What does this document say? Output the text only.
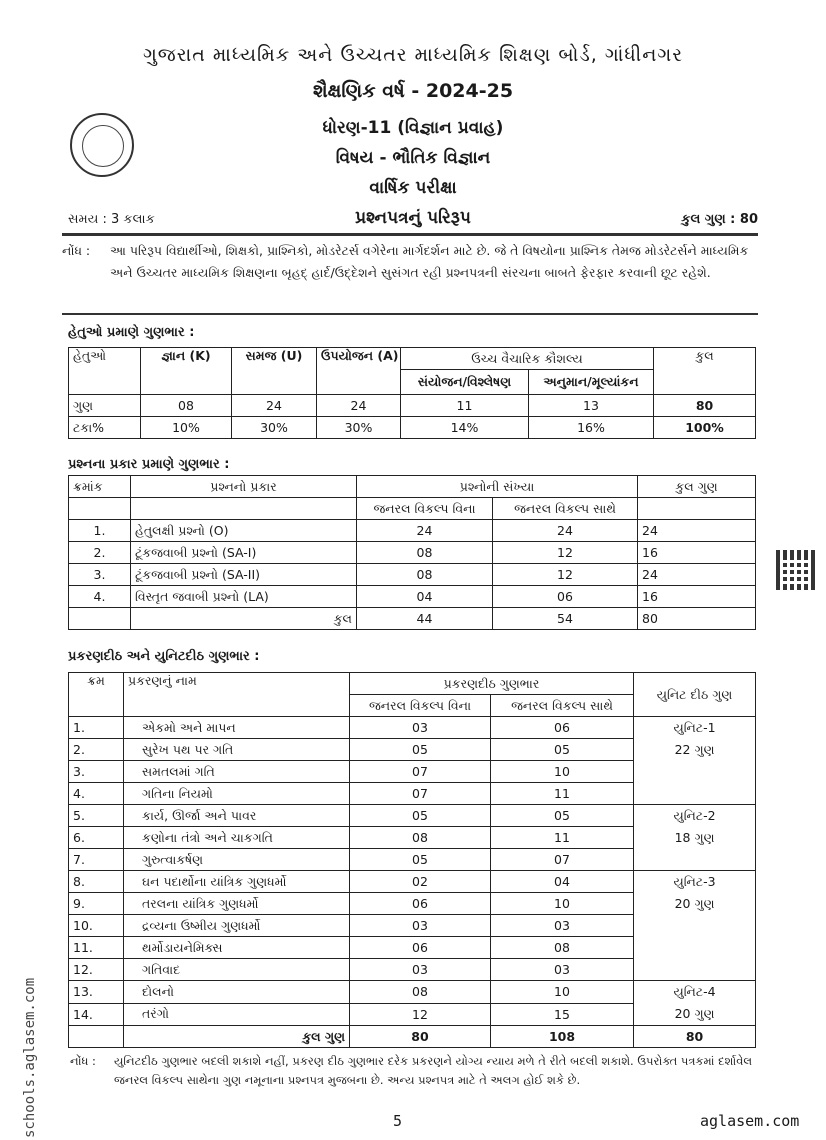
ગુજરાત માધ્યમિક અને ઉચ્ચતર માધ્યમિક શિક્ષણ બોર્ડ, ગાંધીનગર
શૈક્ષણિક વર્ષ - 2024-25
ધોરણ-11 (વિજ્ઞાન પ્રવાહ)
વિષય - ભૌતિક વિજ્ઞાન
વાર્ષિક પરીક્ષા
સમય : 3 કલાક	પ્રશ્નપત્રનું પરિરૂપ	કુલ ગુણ : 80
નોંધ : આ પરિરૂપ વિદ્યાર્થીઓ, શિક્ષકો, પ્રાશ્નિકો, મોડરેટર્સ વગેરેના માર્ગદર્શન માટે છે. જે તે વિષયોના પ્રાશ્નિક તેમજ મોડરેટર્સને માધ્યમિક અને ઉચ્ચતર માધ્યમિક શિક્ષણના બૃહદ્ હાર્દ/ઉદ્દેશને સુસંગત રહી પ્રશ્નપત્રની સંરચના બાબતે ફેરફાર કરવાની છૂટ રહેશે.
હેતુઓ પ્રમાણે ગુણભાર :
હેતુઓ	જ્ઞાન (K)	સમજ (U)	ઉપયોજન (A)	ઉચ્ચ વૈચારિક કૌશલ્ય		કુલ
				સંયોજન/વિશ્લેષણ	અનુમાન/મૂલ્યાંકન	
ગુણ	08	24	24	11	13	80
ટકા%	10%	30%	30%	14%	16%	100%
પ્રશ્નના પ્રકાર પ્રમાણે ગુણભાર :
ક્રમાંક	પ્રશ્નનો પ્રકાર	પ્રશ્નોની સંખ્યા		કુલ ગુણ
		જનરલ વિકલ્પ વિના	જનરલ વિકલ્પ સાથે	
1.	હેતુલક્ષી પ્રશ્નો (O)	24	24	24
2.	ટૂંકજવાબી પ્રશ્નો (SA-I)	08	12	16
3.	ટૂંકજવાબી પ્રશ્નો (SA-II)	08	12	24
4.	વિસ્તૃત જવાબી પ્રશ્નો (LA)	04	06	16
	કુલ	44	54	80
પ્રકરણદીઠ અને યુનિટદીઠ ગુણભાર :
ક્રમ	પ્રકરણનું નામ	પ્રકરણદીઠ ગુણભાર		યુનિટ દીઠ ગુણ
		જનરલ વિકલ્પ વિના	જનરલ વિકલ્પ સાથે	
1.	એકમો અને માપન	03	06	યુનિટ-1
22 ગુણ

2.	સુરેખ પથ પર ગતિ	05	05	
3.	સમતલમાં ગતિ	07	10	
4.	ગતિના નિયમો	07	11	
5.	કાર્ય, ઊર્જા અને પાવર	05	05	યુનિટ-2
18 ગુણ

6.	કણોના તંત્રો અને ચાકગતિ	08	11	
7.	ગુરુત્વાકર્ષણ	05	07	
8.	ઘન પદાર્થોના યાંત્રિક ગુણધર્મો	02	04	યુનિટ-3
20 ગુણ

9.	તરલના યાંત્રિક ગુણધર્મો	06	10	
10.	દ્રવ્યના ઉષ્મીય ગુણધર્મો	03	03	
11.	થર્મોડાયનેમિક્સ	06	08	
12.	ગતિવાદ	03	03	
13.	દોલનો	08	10	યુનિટ-4
20 ગુણ

14.	તરંગો	12	15	
	કુલ ગુણ	80	108	80
નોંધ : યુનિટદીઠ ગુણભાર બદલી શકાશે નહીં, પ્રકરણ દીઠ ગુણભાર દરેક પ્રકરણને યોગ્ય ન્યાય મળે તે રીતે બદલી શકાશે. ઉપરોક્ત પત્રકમાં દર્શાવેલ જનરલ વિકલ્પ સાથેના ગુણ નમૂનાના પ્રશ્નપત્ર મુજબના છે. અન્ય પ્રશ્નપત્ર માટે તે અલગ હોઈ શકે છે.
5	aglasem.com
schools.aglasem.com
